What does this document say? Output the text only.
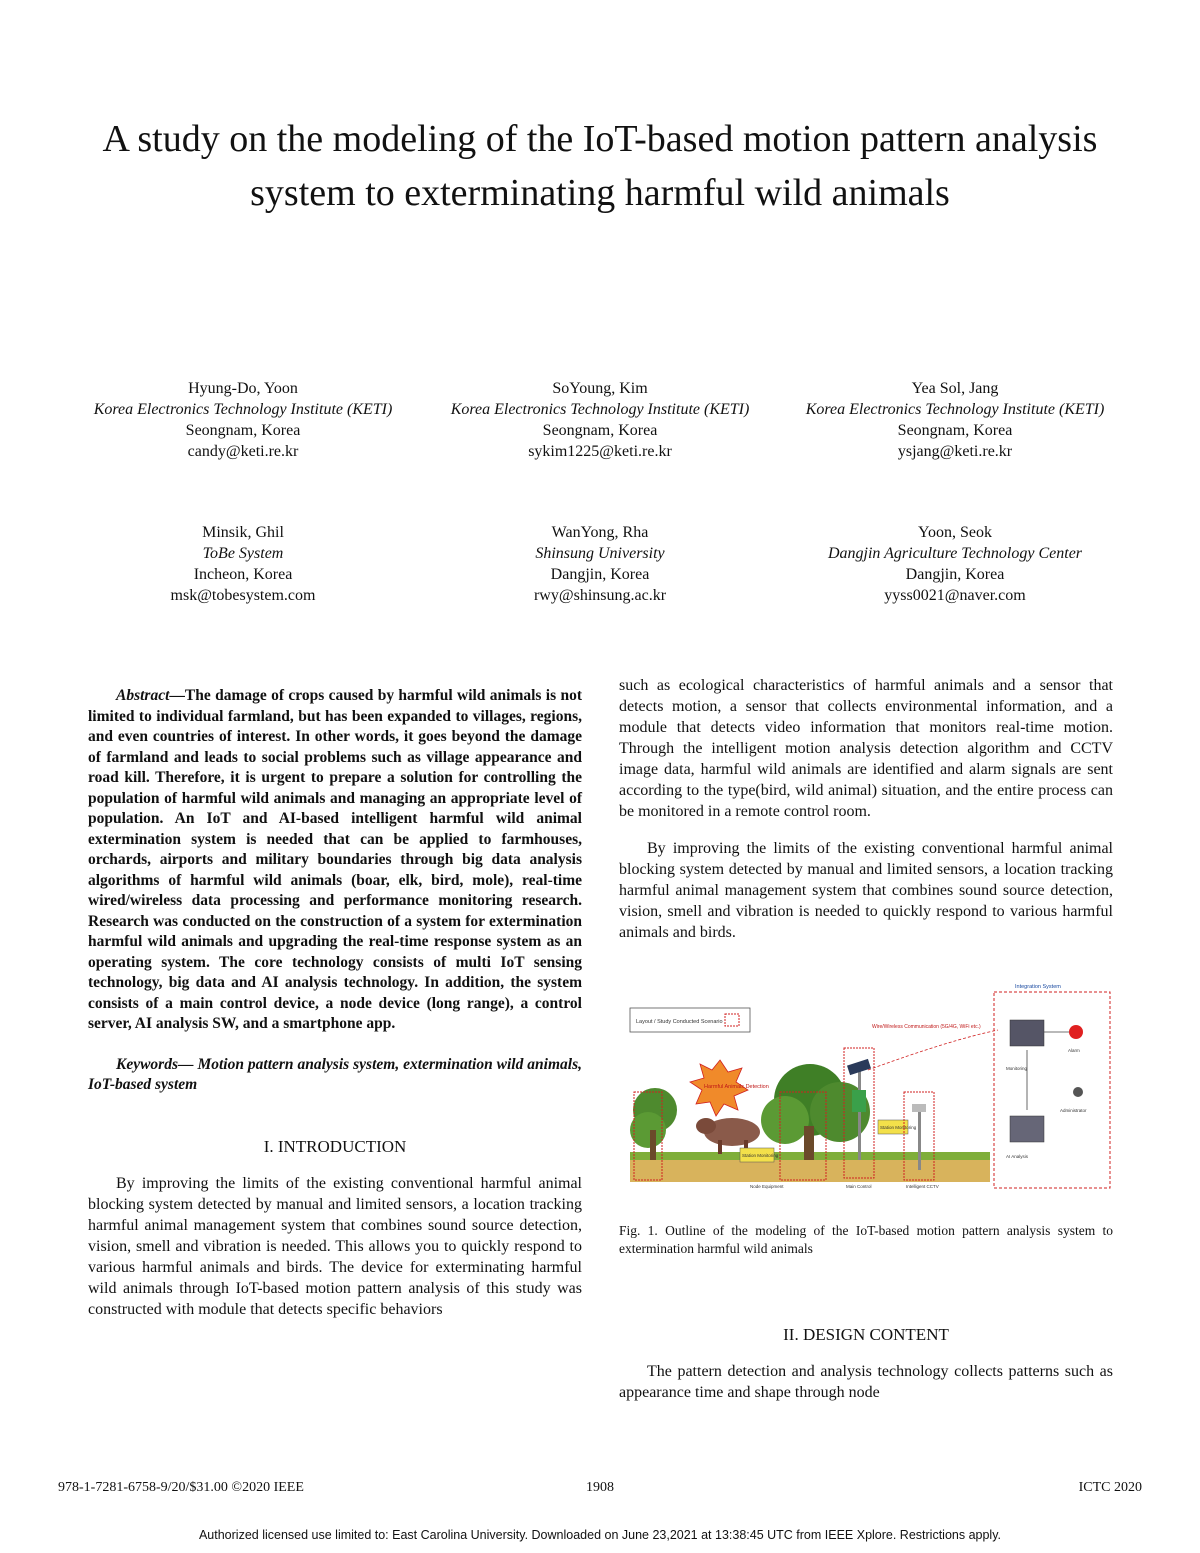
A study on the modeling of the IoT-based motion pattern analysis system to exterminating harmful wild animals
Hyung-Do, Yoon
Korea Electronics Technology Institute (KETI)
Seongnam, Korea
candy@keti.re.kr
SoYoung, Kim
Korea Electronics Technology Institute (KETI)
Seongnam, Korea
sykim1225@keti.re.kr
Yea Sol, Jang
Korea Electronics Technology Institute (KETI)
Seongnam, Korea
ysjang@keti.re.kr
Minsik, Ghil
ToBe System
Incheon, Korea
msk@tobesystem.com
WanYong, Rha
Shinsung University
Dangjin, Korea
rwy@shinsung.ac.kr
Yoon, Seok
Dangjin Agriculture Technology Center
Dangjin, Korea
yyss0021@naver.com

Abstract—The damage of crops caused by harmful wild animals is not limited to individual farmland, but has been expanded to villages, regions, and even countries of interest. In other words, it goes beyond the damage of farmland and leads to social problems such as village appearance and road kill. Therefore, it is urgent to prepare a solution for controlling the population of harmful wild animals and managing an appropriate level of population. An IoT and AI-based intelligent harmful wild animal extermination system is needed that can be applied to farmhouses, orchards, airports and military boundaries through big data analysis algorithms of harmful wild animals (boar, elk, bird, mole), real-time wired/wireless data processing and performance monitoring research. Research was conducted on the construction of a system for extermination harmful wild animals and upgrading the real-time response system as an operating system. The core technology consists of multi IoT sensing technology, big data and AI analysis technology. In addition, the system consists of a main control device, a node device (long range), a control server, AI analysis SW, and a smartphone app.

Keywords— Motion pattern analysis system, extermination wild animals, IoT-based system

I. INTRODUCTION

By improving the limits of the existing conventional harmful animal blocking system detected by manual and limited sensors, a location tracking harmful animal management system that combines sound source detection, vision, smell and vibration is needed. This allows you to quickly respond to various harmful animals and birds. The device for exterminating harmful wild animals through IoT-based motion pattern analysis of this study was constructed with module that detects specific behaviors

such as ecological characteristics of harmful animals and a sensor that detects motion, a sensor that collects environmental information, and a module that detects video information that monitors real-time motion. Through the intelligent motion analysis detection algorithm and CCTV image data, harmful wild animals are identified and alarm signals are sent according to the type(bird, wild animal) situation, and the entire process can be monitored in a remote control room.

By improving the limits of the existing conventional harmful animal blocking system detected by manual and limited sensors, a location tracking harmful animal management system that combines sound source detection, vision, smell and vibration is needed to quickly respond to various harmful animals and birds.

Layout / Study Conducted Scenario
Harmful Animals Detection
Station Monitoring
Station Monitoring
Main Control	Intelligent CCTV
Node Equipment
Wire/Wireless Communication (5G/4G, WiFi etc.)
Integration System
Alarm
Monitoring
Administrator
AI Analysis

Fig. 1. Outline of the modeling of the IoT-based motion pattern analysis system to extermination harmful wild animals

II. DESIGN CONTENT

The pattern detection and analysis technology collects patterns such as appearance time and shape through node

978-1-7281-6758-9/20/$31.00 ©2020 IEEE	1908	ICTC 2020
Authorized licensed use limited to: East Carolina University. Downloaded on June 23,2021 at 13:38:45 UTC from IEEE Xplore. Restrictions apply.
